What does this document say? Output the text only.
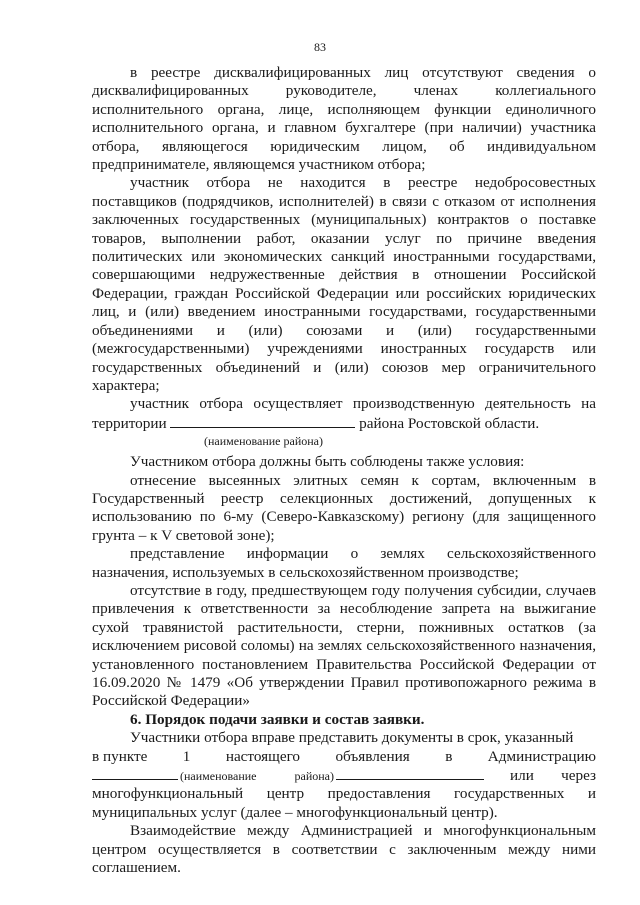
83

в реестре дисквалифицированных лиц отсутствуют сведения о дисквалифицированных руководителе, членах коллегиального исполнительного органа, лице, исполняющем функции единоличного исполнительного органа, и главном бухгалтере (при наличии) участника отбора, являющегося юридическим лицом, об индивидуальном предпринимателе, являющемся участником отбора;

участник отбора не находится в реестре недобросовестных поставщиков (подрядчиков, исполнителей) в связи с отказом от исполнения заключенных государственных (муниципальных) контрактов о поставке товаров, выполнении работ, оказании услуг по причине введения политических или экономических санкций иностранными государствами, совершающими недружественные действия в отношении Российской Федерации, граждан Российской Федерации или российских юридических лиц, и (или) введением иностранными государствами, государственными объединениями и (или) союзами и (или) государственными (межгосударственными) учреждениями иностранных государств или государственных объединений и (или) союзов мер ограничительного характера;

участник отбора осуществляет производственную деятельность на территории	района Ростовской области.

(наименование района)

Участником отбора должны быть соблюдены также условия:

отнесение высеянных элитных семян к сортам, включенным в Государственный реестр селекционных достижений, допущенных к использованию по 6-му (Северо-Кавказскому) региону (для защищенного грунта – к V световой зоне);

представление информации о землях сельскохозяйственного назначения, используемых в сельскохозяйственном производстве;

отсутствие в году, предшествующем году получения субсидии, случаев привлечения к ответственности за несоблюдение запрета на выжигание сухой травянистой растительности, стерни, пожнивных остатков (за исключением рисовой соломы) на землях сельскохозяйственного назначения, установленного постановлением Правительства Российской Федерации от 16.09.2020 № 1479 «Об утверждении Правил противопожарного режима в Российской Федерации»

6. Порядок подачи заявки и состав заявки.

Участники отбора вправе представить документы в срок, указанный

в пункте 1 настоящего объявления в Администрацию
(наименование	района)	или через
многофункциональный центр предоставления государственных и

муниципальных услуг (далее – многофункциональный центр).

Взаимодействие между Администрацией и многофункциональным центром осуществляется в соответствии с заключенным между ними соглашением.
